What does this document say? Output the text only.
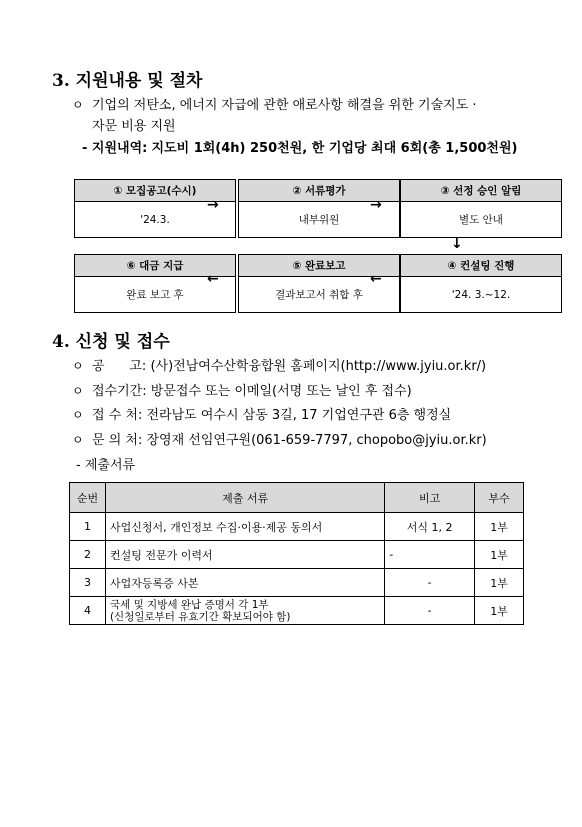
3. 지원내용 및 절차
ㅇ 기업의 저탄소, 에너지 자급에 관한 애로사항 해결을 위한 기술지도 ·
자문 비용 지원
- 지원내역: 지도비 1회(4h) 250천원, 한 기업당 최대 6회(총 1,500천원)
① 모집공고(수시)
'24.3.
→
② 서류평가
내부위원
→
③ 선정 승인 알림
별도 안내
↓
⑥ 대금 지급
완료 보고 후
←
⑤ 완료보고
결과보고서 취합 후
←
④ 컨설팅 진행
'24. 3.~12.
4. 신청 및 접수
ㅇ 공      고: (사)전남여수산학융합원 홈페이지(http://www.jyiu.or.kr/)
ㅇ 접수기간: 방문접수 또는 이메일(서명 또는 날인 후 접수)
ㅇ 접 수 처: 전라남도 여수시 삼동 3길, 17 기업연구관 6층 행정실
ㅇ 문 의 처: 장영재 선임연구원(061-659-7797, chopobo@jyiu.or.kr)
- 제출서류
순번	제출 서류	비고	부수
1	사업신청서, 개인정보 수집·이용·제공 동의서	서식 1, 2	1부
2	컨설팅 전문가 이력서	-	1부
3	사업자등록증 사본	-	1부
4	국세 및 지방세 완납 증명서 각 1부
(신청일로부터 유효기간 확보되어야 함)	-	1부
